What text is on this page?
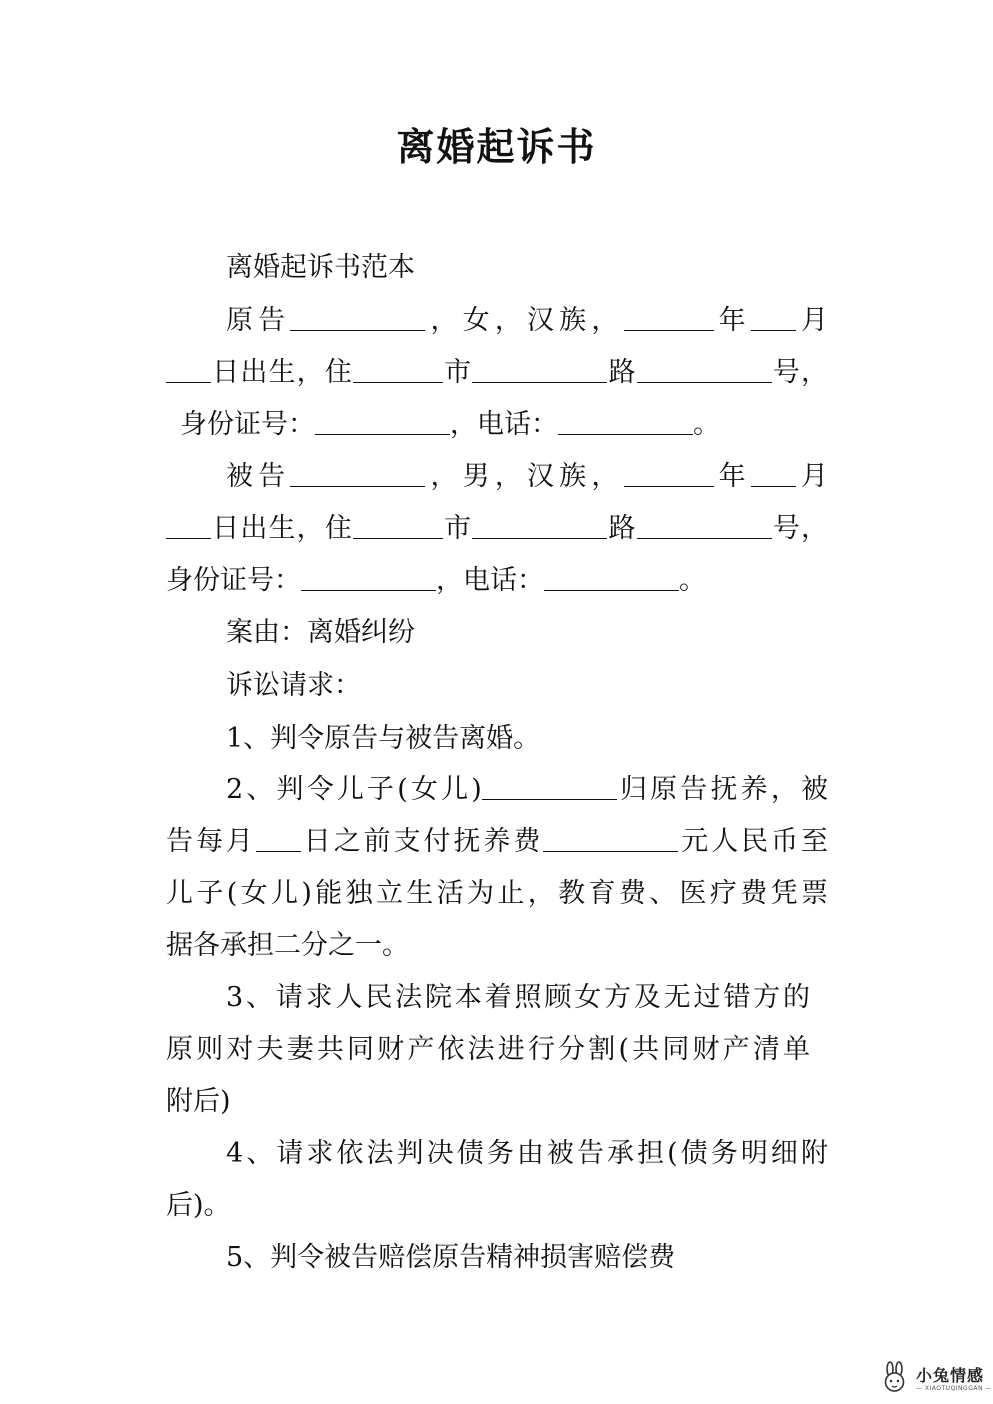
离婚起诉书
离婚起诉书范本
原告	，女，汉族，	年 月
日出生，住	市	路	号，
身份证号：	，电话：	。
被告	，男，汉族，	年 月
日出生，住	市	路	号，
身份证号：	，电话：	。
案由：离婚纠纷
诉讼请求：
1、判令原告与被告离婚。
2、判令儿子(女儿)	归原告抚养，被
告每月 日之前支付抚养费	元人民币至
儿子(女儿)能独立生活为止，教育费、医疗费凭票
据各承担二分之一。
3、请求人民法院本着照顾女方及无过错方的
原则对夫妻共同财产依法进行分割(共同财产清单
附后)
4、请求依法判决债务由被告承担(债务明细附
后)。
5、判令被告赔偿原告精神损害赔偿费
小兔情感
— XIAOTUQINGGAN —
